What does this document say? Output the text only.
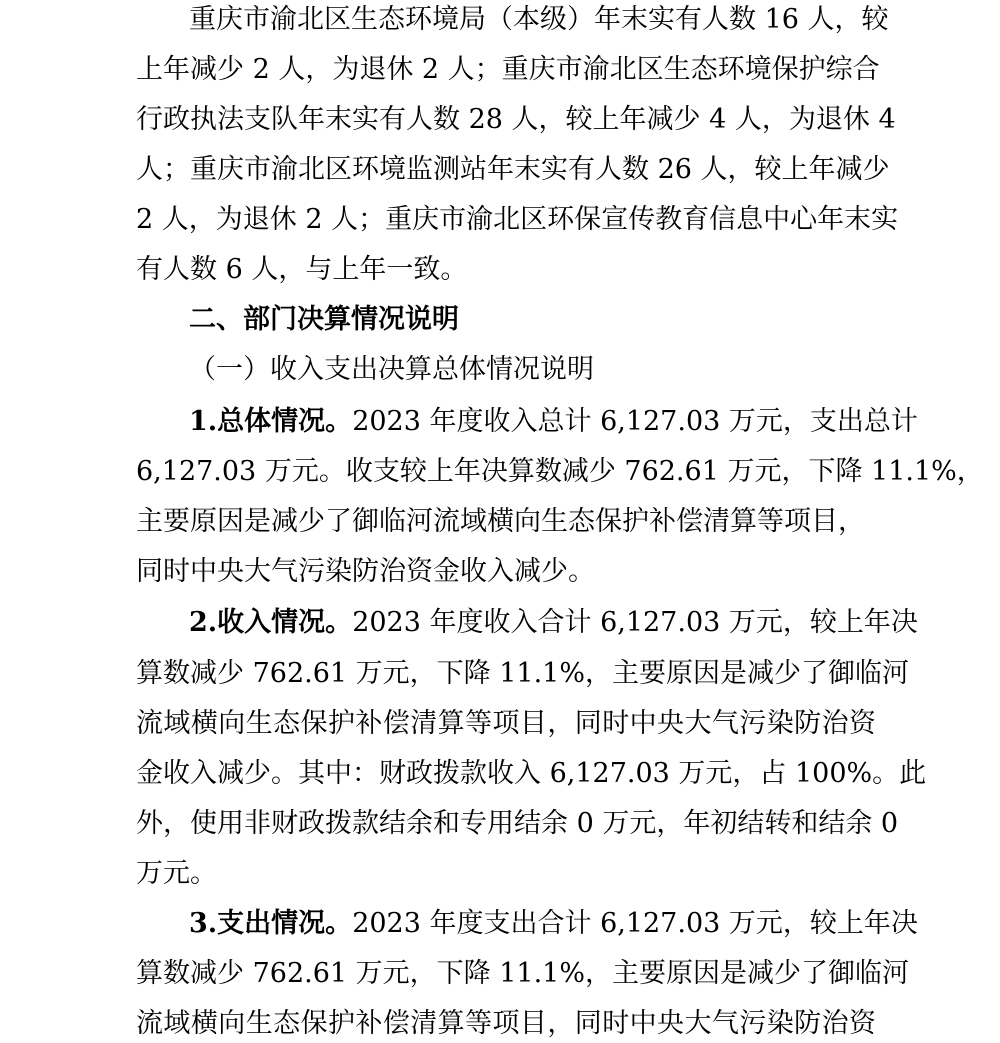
重庆市渝北区生态环境局（本级）年末实有人数 16 人，较
上年减少 2 人，为退休 2 人；重庆市渝北区生态环境保护综合
行政执法支队年末实有人数 28 人，较上年减少 4 人，为退休 4
人；重庆市渝北区环境监测站年末实有人数 26 人，较上年减少
2 人，为退休 2 人；重庆市渝北区环保宣传教育信息中心年末实
有人数 6 人，与上年一致。
二、部门决算情况说明
（一）收入支出决算总体情况说明
1.总体情况。2023 年度收入总计 6,127.03 万元，支出总计
6,127.03 万元。收支较上年决算数减少 762.61 万元，下降 11.1%，
主要原因是减少了御临河流域横向生态保护补偿清算等项目，
同时中央大气污染防治资金收入减少。
2.收入情况。2023 年度收入合计 6,127.03 万元，较上年决
算数减少 762.61 万元，下降 11.1%，主要原因是减少了御临河
流域横向生态保护补偿清算等项目，同时中央大气污染防治资
金收入减少。其中：财政拨款收入 6,127.03 万元，占 100%。此
外，使用非财政拨款结余和专用结余 0 万元，年初结转和结余 0
万元。
3.支出情况。2023 年度支出合计 6,127.03 万元，较上年决
算数减少 762.61 万元，下降 11.1%，主要原因是减少了御临河
流域横向生态保护补偿清算等项目，同时中央大气污染防治资
